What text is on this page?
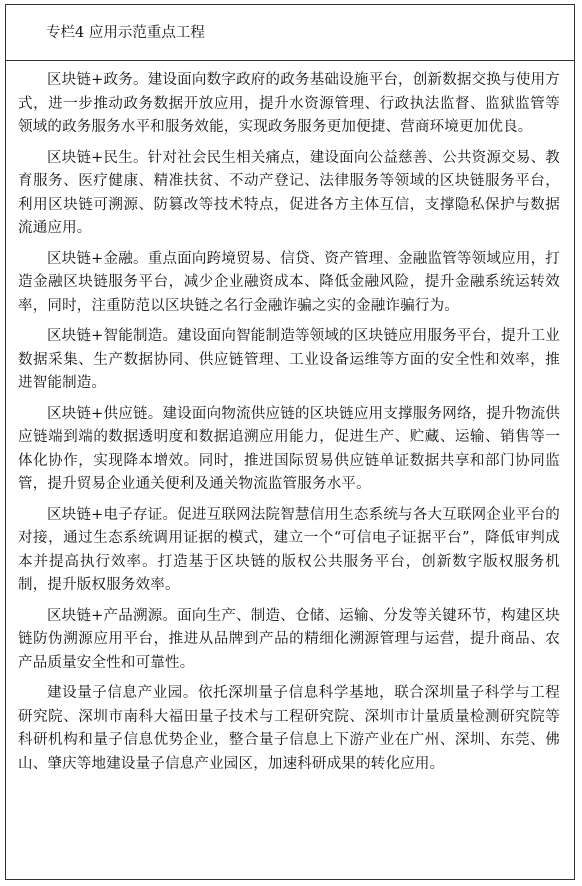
专栏4 应用示范重点工程

区块链+政务。建设面向数字政府的政务基础设施平台，创新数据交换与使用方式，进一步推动政务数据开放应用，提升水资源管理、行政执法监督、监狱监管等领域的政务服务水平和服务效能，实现政务服务更加便捷、营商环境更加优良。

区块链+民生。针对社会民生相关痛点，建设面向公益慈善、公共资源交易、教育服务、医疗健康、精准扶贫、不动产登记、法律服务等领域的区块链服务平台，利用区块链可溯源、防篡改等技术特点，促进各方主体互信，支撑隐私保护与数据流通应用。

区块链+金融。重点面向跨境贸易、信贷、资产管理、金融监管等领域应用，打造金融区块链服务平台，减少企业融资成本、降低金融风险，提升金融系统运转效率，同时，注重防范以区块链之名行金融诈骗之实的金融诈骗行为。

区块链+智能制造。建设面向智能制造等领域的区块链应用服务平台，提升工业数据采集、生产数据协同、供应链管理、工业设备运维等方面的安全性和效率，推进智能制造。

区块链+供应链。建设面向物流供应链的区块链应用支撑服务网络，提升物流供应链端到端的数据透明度和数据追溯应用能力，促进生产、贮藏、运输、销售等一体化协作，实现降本增效。同时，推进国际贸易供应链单证数据共享和部门协同监管，提升贸易企业通关便利及通关物流监管服务水平。

区块链+电子存证。促进互联网法院智慧信用生态系统与各大互联网企业平台的对接，通过生态系统调用证据的模式，建立一个“可信电子证据平台”，降低审判成本并提高执行效率。打造基于区块链的版权公共服务平台，创新数字版权服务机制，提升版权服务效率。

区块链+产品溯源。面向生产、制造、仓储、运输、分发等关键环节，构建区块链防伪溯源应用平台，推进从品牌到产品的精细化溯源管理与运营，提升商品、农产品质量安全性和可靠性。

建设量子信息产业园。依托深圳量子信息科学基地，联合深圳量子科学与工程研究院、深圳市南科大福田量子技术与工程研究院、深圳市计量质量检测研究院等科研机构和量子信息优势企业，整合量子信息上下游产业在广州、深圳、东莞、佛山、肇庆等地建设量子信息产业园区，加速科研成果的转化应用。
